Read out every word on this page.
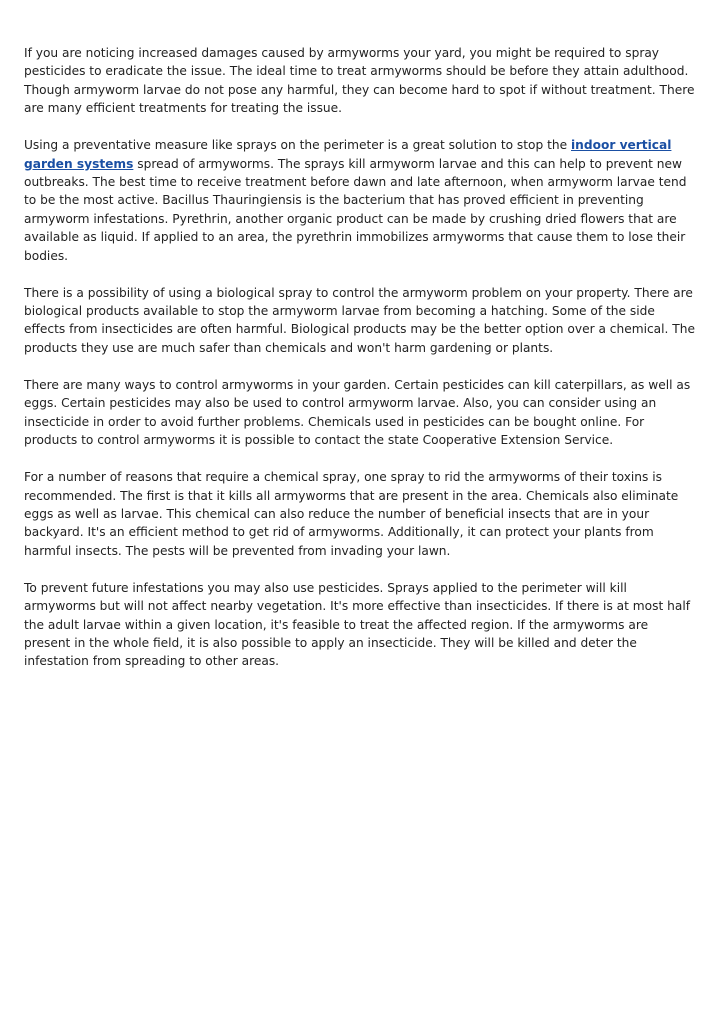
If you are noticing increased damages caused by armyworms your yard, you might be required to spray pesticides to eradicate the issue. The ideal time to treat armyworms should be before they attain adulthood. Though armyworm larvae do not pose any harmful, they can become hard to spot if without treatment. There are many efficient treatments for treating the issue.

Using a preventative measure like sprays on the perimeter is a great solution to stop the indoor vertical garden systems spread of armyworms. The sprays kill armyworm larvae and this can help to prevent new outbreaks. The best time to receive treatment before dawn and late afternoon, when armyworm larvae tend to be the most active. Bacillus Thauringiensis is the bacterium that has proved efficient in preventing armyworm infestations. Pyrethrin, another organic product can be made by crushing dried flowers that are available as liquid. If applied to an area, the pyrethrin immobilizes armyworms that cause them to lose their bodies.

There is a possibility of using a biological spray to control the armyworm problem on your property. There are biological products available to stop the armyworm larvae from becoming a hatching. Some of the side effects from insecticides are often harmful. Biological products may be the better option over a chemical. The products they use are much safer than chemicals and won't harm gardening or plants.

There are many ways to control armyworms in your garden. Certain pesticides can kill caterpillars, as well as eggs. Certain pesticides may also be used to control armyworm larvae. Also, you can consider using an insecticide in order to avoid further problems. Chemicals used in pesticides can be bought online. For products to control armyworms it is possible to contact the state Cooperative Extension Service.

For a number of reasons that require a chemical spray, one spray to rid the armyworms of their toxins is recommended. The first is that it kills all armyworms that are present in the area. Chemicals also eliminate eggs as well as larvae. This chemical can also reduce the number of beneficial insects that are in your backyard. It's an efficient method to get rid of armyworms. Additionally, it can protect your plants from harmful insects. The pests will be prevented from invading your lawn.

To prevent future infestations you may also use pesticides. Sprays applied to the perimeter will kill armyworms but will not affect nearby vegetation. It's more effective than insecticides. If there is at most half the adult larvae within a given location, it's feasible to treat the affected region. If the armyworms are present in the whole field, it is also possible to apply an insecticide. They will be killed and deter the infestation from spreading to other areas.
